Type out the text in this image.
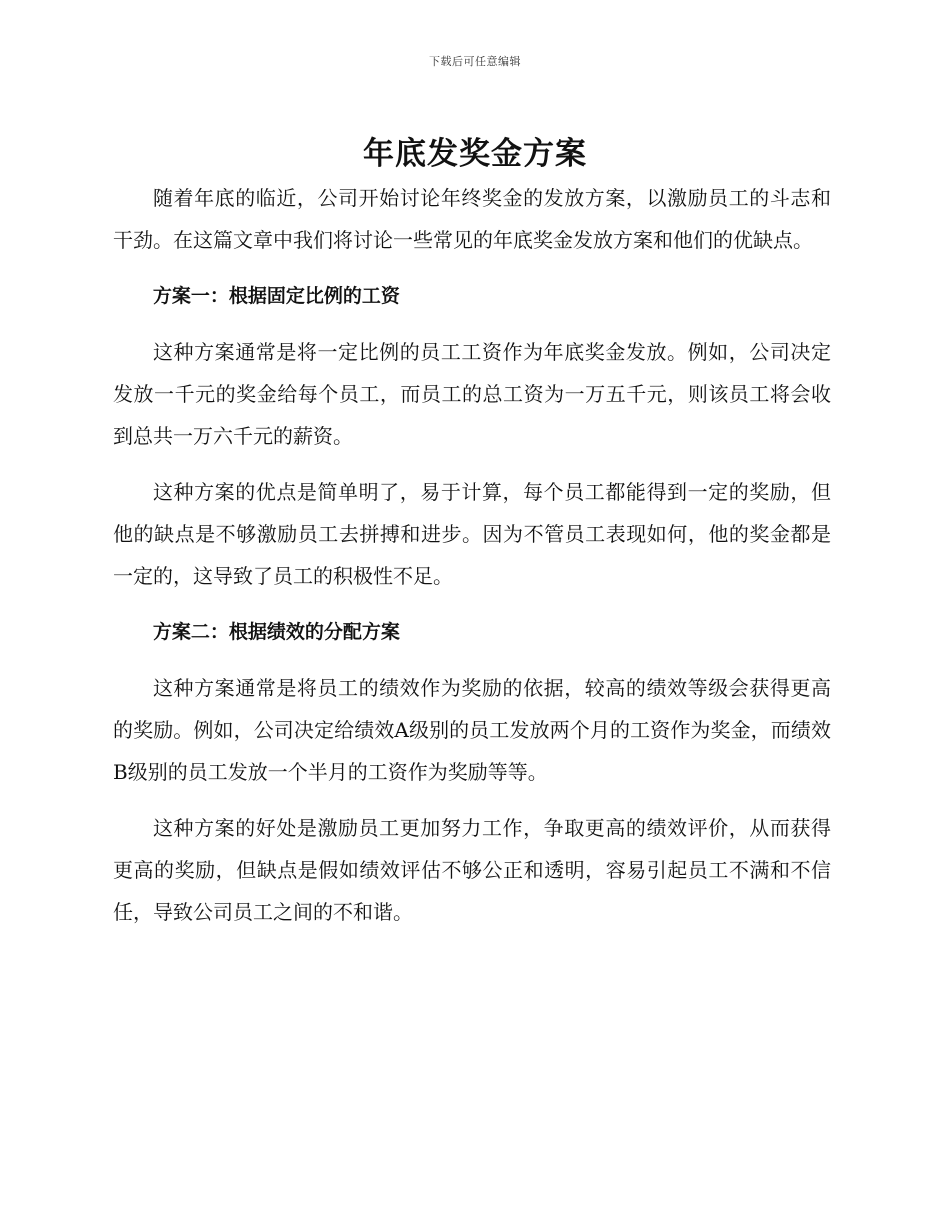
下载后可任意编辑
年底发奖金方案

随着年底的临近，公司开始讨论年终奖金的发放方案，以激励员工的斗志和干劲。在这篇文章中我们将讨论一些常见的年底奖金发放方案和他们的优缺点。

方案一：根据固定比例的工资

这种方案通常是将一定比例的员工工资作为年底奖金发放。例如，公司决定发放一千元的奖金给每个员工，而员工的总工资为一万五千元，则该员工将会收到总共一万六千元的薪资。

这种方案的优点是简单明了，易于计算，每个员工都能得到一定的奖励，但他的缺点是不够激励员工去拼搏和进步。因为不管员工表现如何，他的奖金都是一定的，这导致了员工的积极性不足。

方案二：根据绩效的分配方案

这种方案通常是将员工的绩效作为奖励的依据，较高的绩效等级会获得更高的奖励。例如，公司决定给绩效A级别的员工发放两个月的工资作为奖金，而绩效B级别的员工发放一个半月的工资作为奖励等等。

这种方案的好处是激励员工更加努力工作，争取更高的绩效评价，从而获得更高的奖励，但缺点是假如绩效评估不够公正和透明，容易引起员工不满和不信任，导致公司员工之间的不和谐。
